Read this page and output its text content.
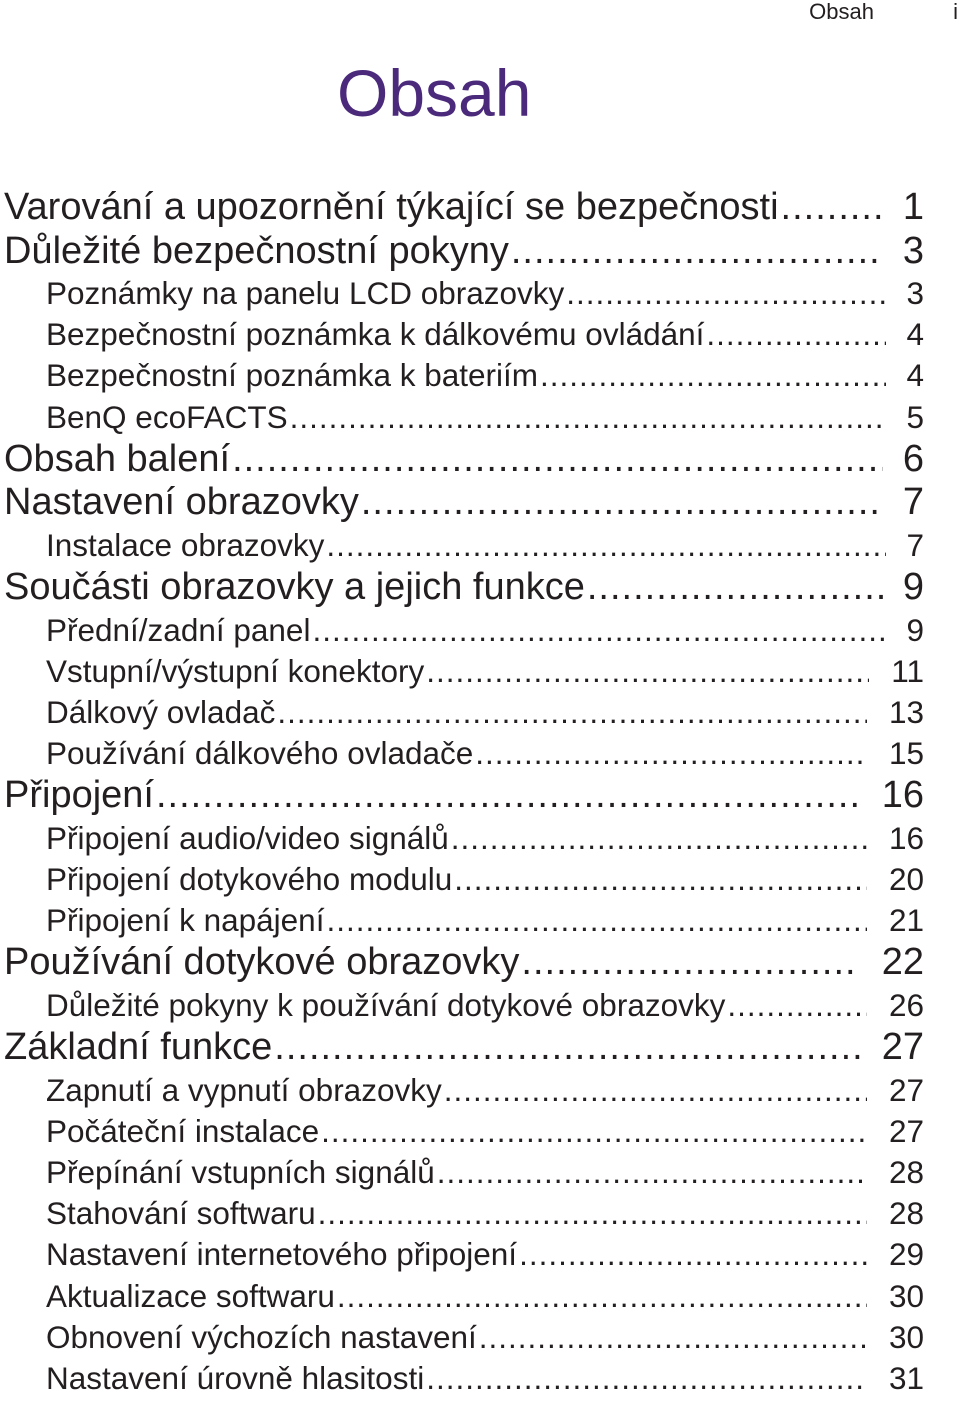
Obsah	i
Obsah
Varování a upozornění týkající se bezpečnosti .....	1
Důležité bezpečnostní pokyny .....	3
Poznámky na panelu LCD obrazovky .....	3
Bezpečnostní poznámka k dálkovému ovládání .....	4
Bezpečnostní poznámka k bateriím .....	4
BenQ ecoFACTS .....	5
Obsah balení .....	6
Nastavení obrazovky .....	7
Instalace obrazovky .....	7
Součásti obrazovky a jejich funkce .....	9
Přední/zadní panel .....	9
Vstupní/výstupní konektory .....	11
Dálkový ovladač .....	13
Používání dálkového ovladače .....	15
Připojení .....	16
Připojení audio/video signálů .....	16
Připojení dotykového modulu .....	20
Připojení k napájení .....	21
Používání dotykové obrazovky .....	22
Důležité pokyny k používání dotykové obrazovky .....	26
Základní funkce .....	27
Zapnutí a vypnutí obrazovky .....	27
Počáteční instalace .....	27
Přepínání vstupních signálů .....	28
Stahování softwaru .....	28
Nastavení internetového připojení .....	29
Aktualizace softwaru .....	30
Obnovení výchozích nastavení .....	30
Nastavení úrovně hlasitosti .....	31
